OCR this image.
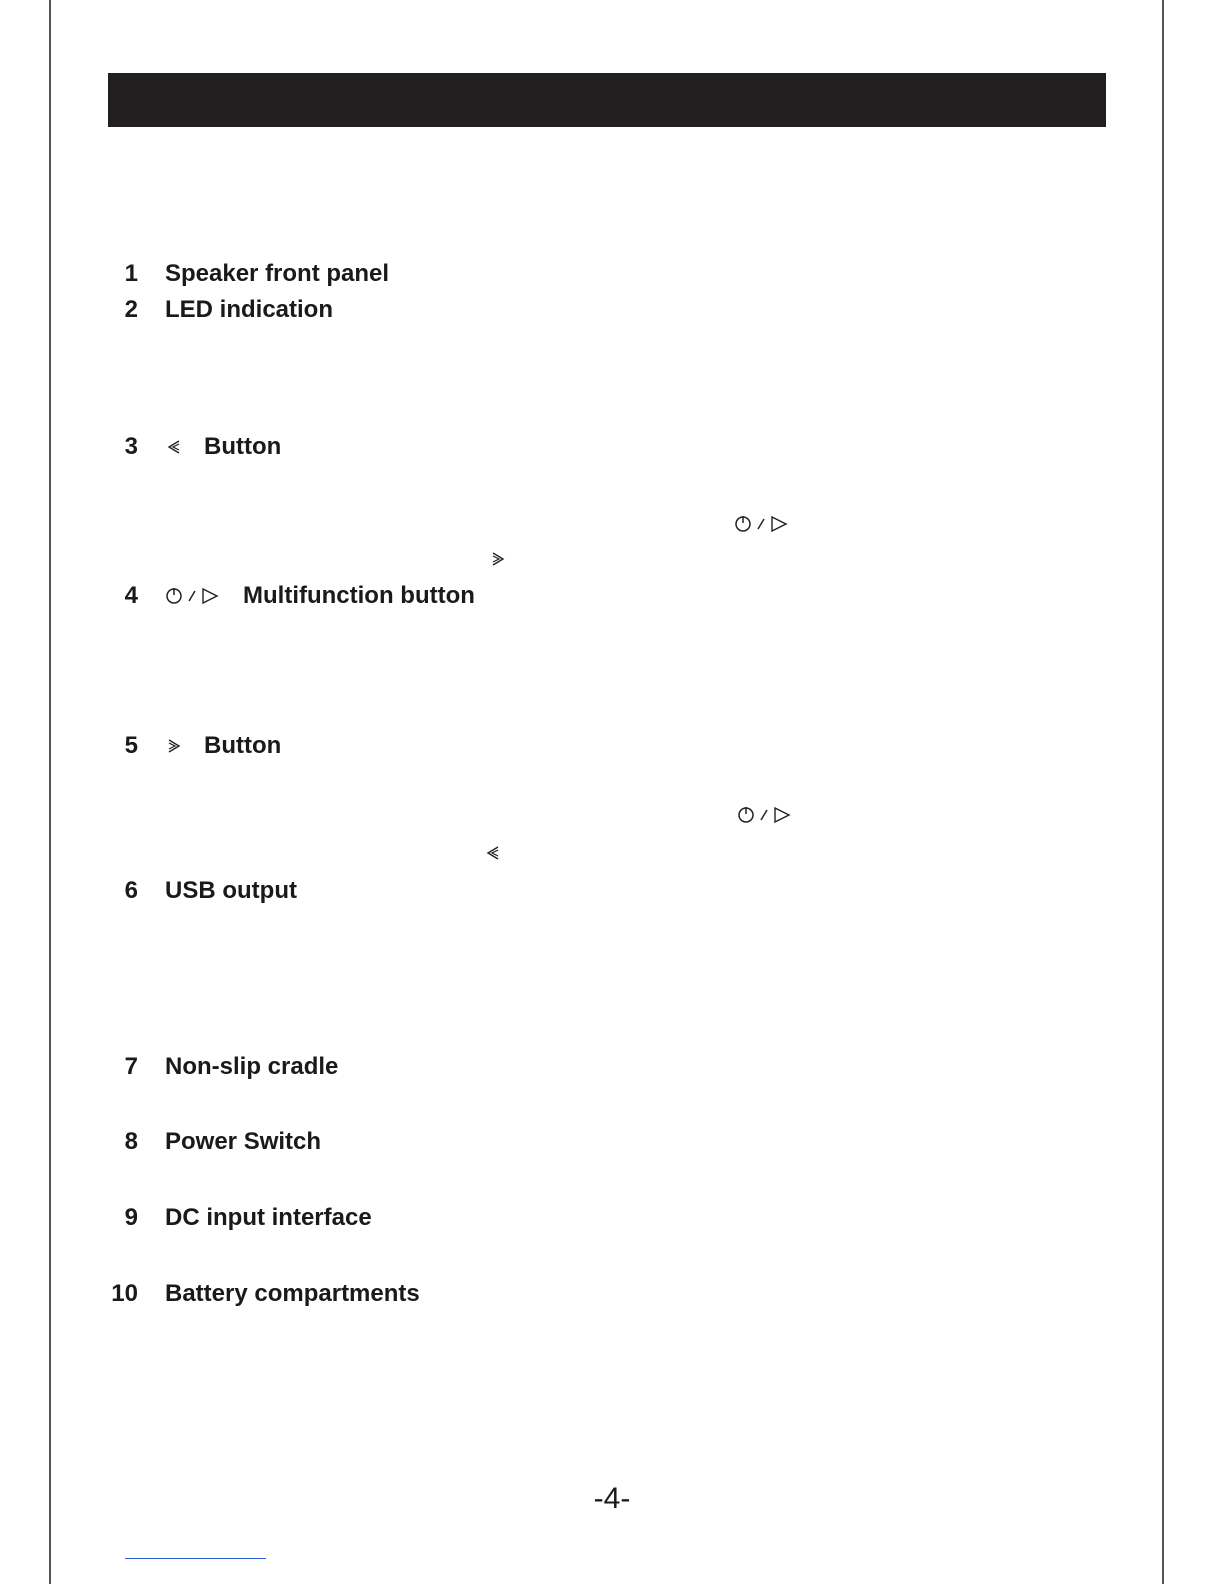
1 Speaker front panel
2 LED indication
3	Button
4	Multifunction button
5	Button
6 USB output
7 Non-slip cradle
8 Power Switch
9 DC input interface
10 Battery compartments
-4-
